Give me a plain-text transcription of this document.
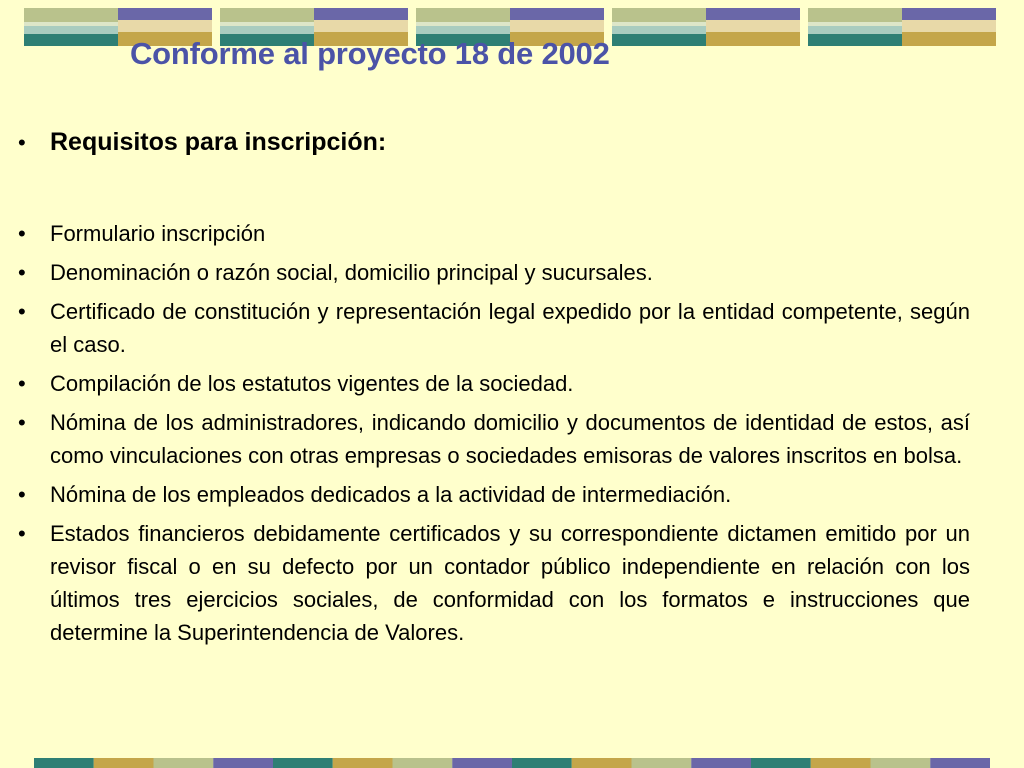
Conforme al proyecto 18 de 2002
• Requisitos para inscripción:
•	Formulario inscripción
•	Denominación o razón social, domicilio principal y sucursales.
•	Certificado de constitución y representación legal expedido por la entidad competente, según el caso.
•	Compilación de los estatutos vigentes de la sociedad.
•	Nómina de los administradores, indicando domicilio y documentos de identidad de estos, así como vinculaciones con otras empresas o sociedades emisoras de valores inscritos en bolsa.
•	Nómina de los empleados dedicados a la actividad de intermediación.
•	Estados financieros debidamente certificados y su correspondiente dictamen emitido por un revisor fiscal o en su defecto por un contador público independiente en relación con los últimos tres ejercicios sociales, de conformidad con los formatos e instrucciones que determine la Superintendencia de Valores.
